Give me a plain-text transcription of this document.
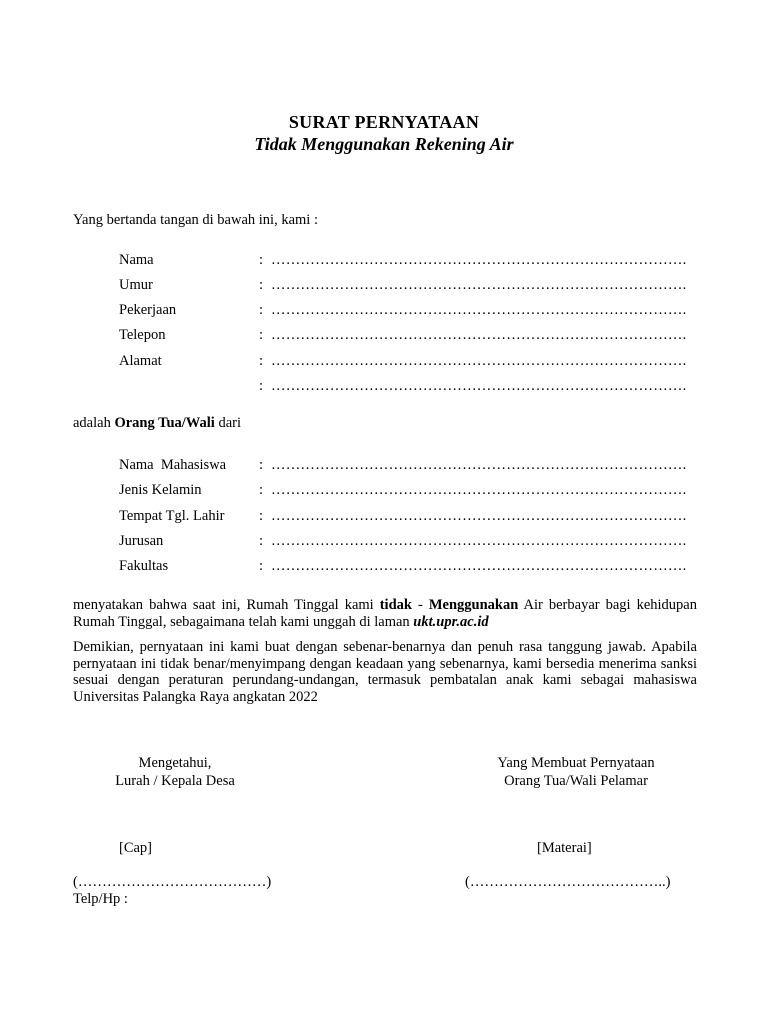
SURAT PERNYATAAN
Tidak Menggunakan Rekening Air
Yang bertanda tangan di bawah ini, kami :
Nama	: ………………………………………………………………………….
Umur	: ………………………………………………………………………….
Pekerjaan	: ………………………………………………………………………….
Telepon	: ………………………………………………………………………….
Alamat	: ………………………………………………………………………….
: ………………………………………………………………………….
adalah Orang Tua/Wali dari
Nama  Mahasiswa : ………………………………………………………………………….
Jenis Kelamin	: ………………………………………………………………………….
Tempat Tgl. Lahir : ………………………………………………………………………….
Jurusan	: ………………………………………………………………………….
Fakultas	: ………………………………………………………………………….
menyatakan bahwa saat ini, Rumah Tinggal kami tidak - Menggunakan Air berbayar bagi kehidupan Rumah Tinggal, sebagaimana telah kami unggah di laman ukt.upr.ac.id
Demikian, pernyataan ini kami buat dengan sebenar-benarnya dan penuh rasa tanggung jawab. Apabila pernyataan ini tidak benar/menyimpang dengan keadaan yang sebenarnya, kami bersedia menerima sanksi sesuai dengan peraturan perundang-undangan, termasuk pembatalan anak kami sebagai mahasiswa Universitas Palangka Raya angkatan 2022
Mengetahui,
Lurah / Kepala Desa
Yang Membuat Pernyataan
Orang Tua/Wali Pelamar
[Cap]	[Materai]
(…………………………………)	(…………………………………..)
Telp/Hp :
